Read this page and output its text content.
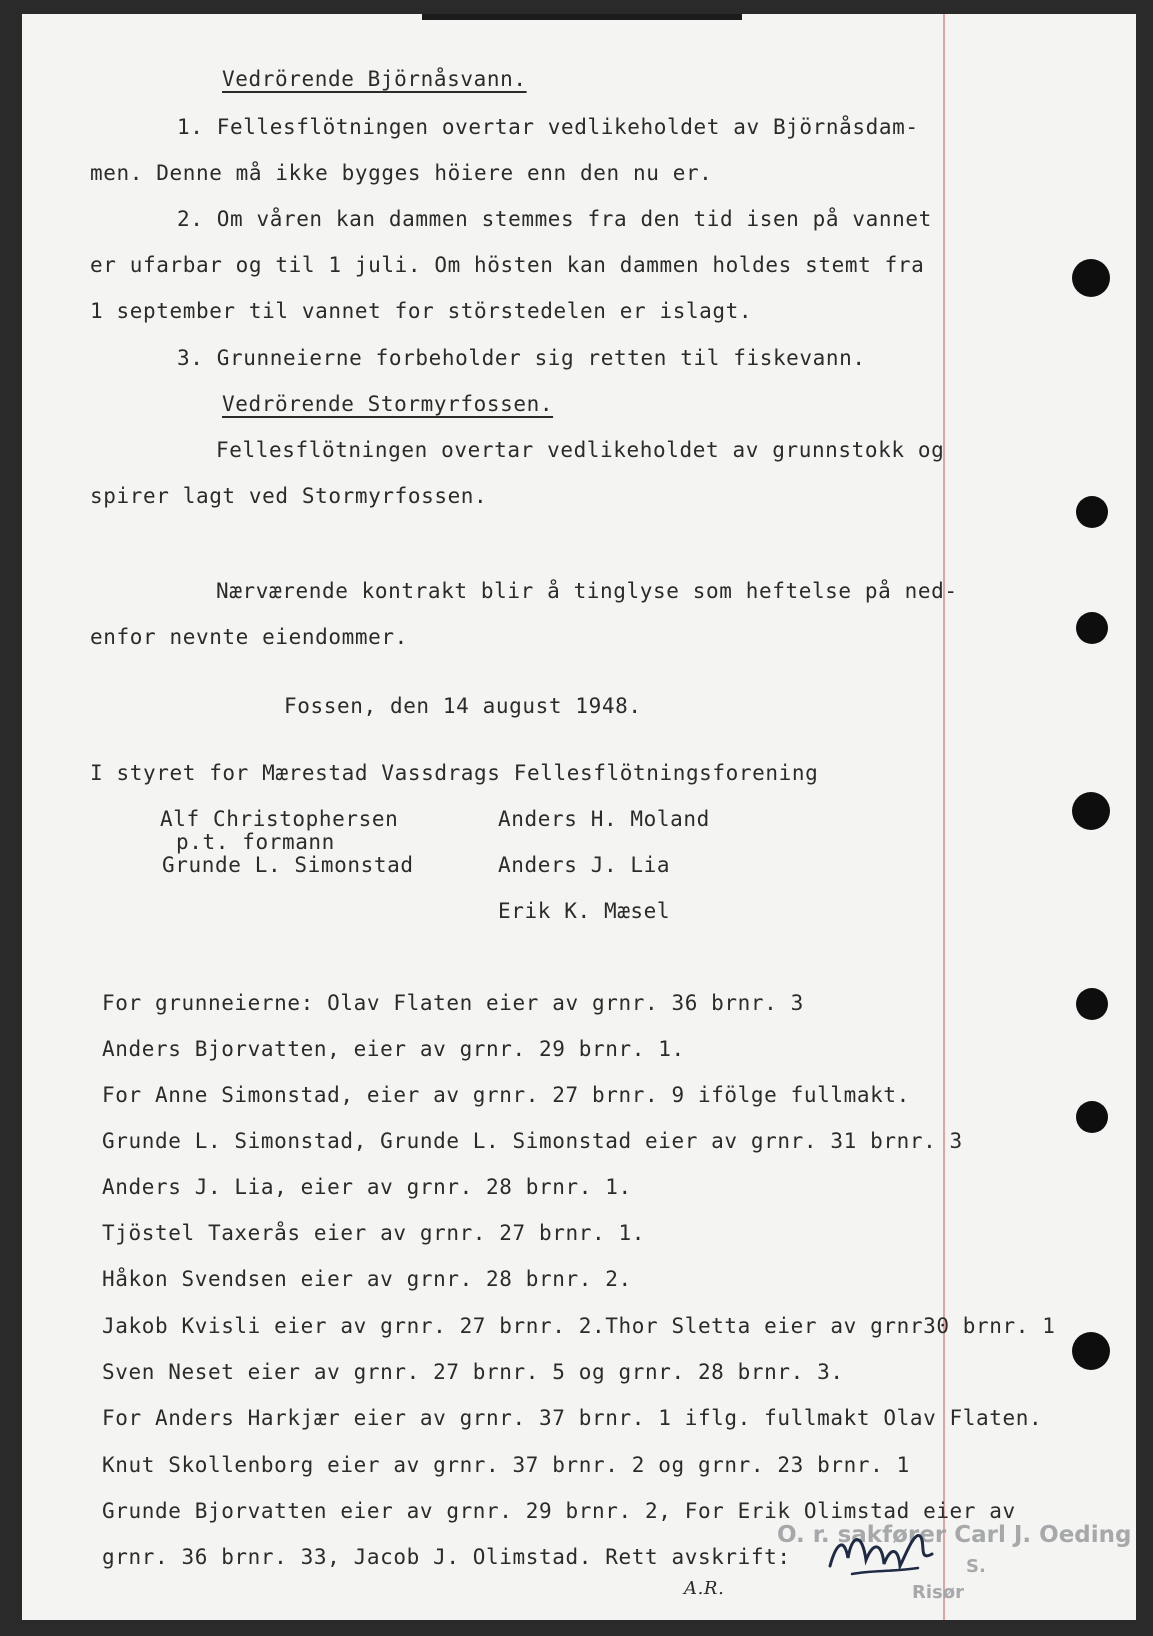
Vedrörende Björnåsvann.

1. Fellesflötningen overtar vedlikeholdet av Björnåsdam-

men. Denne må ikke bygges höiere enn den nu er.

2. Om våren kan dammen stemmes fra den tid isen på vannet

er ufarbar og til 1 juli. Om hösten kan dammen holdes stemt fra

1 september til vannet for störstedelen er islagt.

3. Grunneierne forbeholder sig retten til fiskevann.

Vedrörende Stormyrfossen.

Fellesflötningen overtar vedlikeholdet av grunnstokk og

spirer lagt ved Stormyrfossen.

Nærværende kontrakt blir å tinglyse som heftelse på ned-

enfor nevnte eiendommer.

Fossen, den 14 august 1948.

I styret for Mærestad Vassdrags Fellesflötningsforening

Alf Christophersen

p.t. formann

Grunde L. Simonstad

Anders H. Moland

Anders J. Lia

Erik K. Mæsel

For grunneierne: Olav Flaten eier av grnr. 36 brnr. 3

Anders Bjorvatten, eier av grnr. 29 brnr. 1.

For Anne Simonstad, eier av grnr. 27 brnr. 9 ifölge fullmakt.

Grunde L. Simonstad, Grunde L. Simonstad eier av grnr. 31 brnr. 3

Anders J. Lia, eier av grnr. 28 brnr. 1.

Tjöstel Taxerås eier av grnr. 27 brnr. 1.

Håkon Svendsen eier av grnr. 28 brnr. 2.

Jakob Kvisli eier av grnr. 27 brnr. 2.Thor Sletta eier av grnr30 brnr. 1

Sven Neset eier av grnr. 27 brnr. 5 og grnr. 28 brnr. 3.

For Anders Harkjær eier av grnr. 37 brnr. 1 iflg. fullmakt Olav Flaten.

Knut Skollenborg eier av grnr. 37 brnr. 2 og grnr. 23 brnr. 1

Grunde Bjorvatten eier av grnr. 29 brnr. 2, For Erik Olimstad eier av

grnr. 36 brnr. 33, Jacob J. Olimstad. Rett avskrift:

O. r. sakfører Carl J. Oeding
S.
Risør
A.R.
